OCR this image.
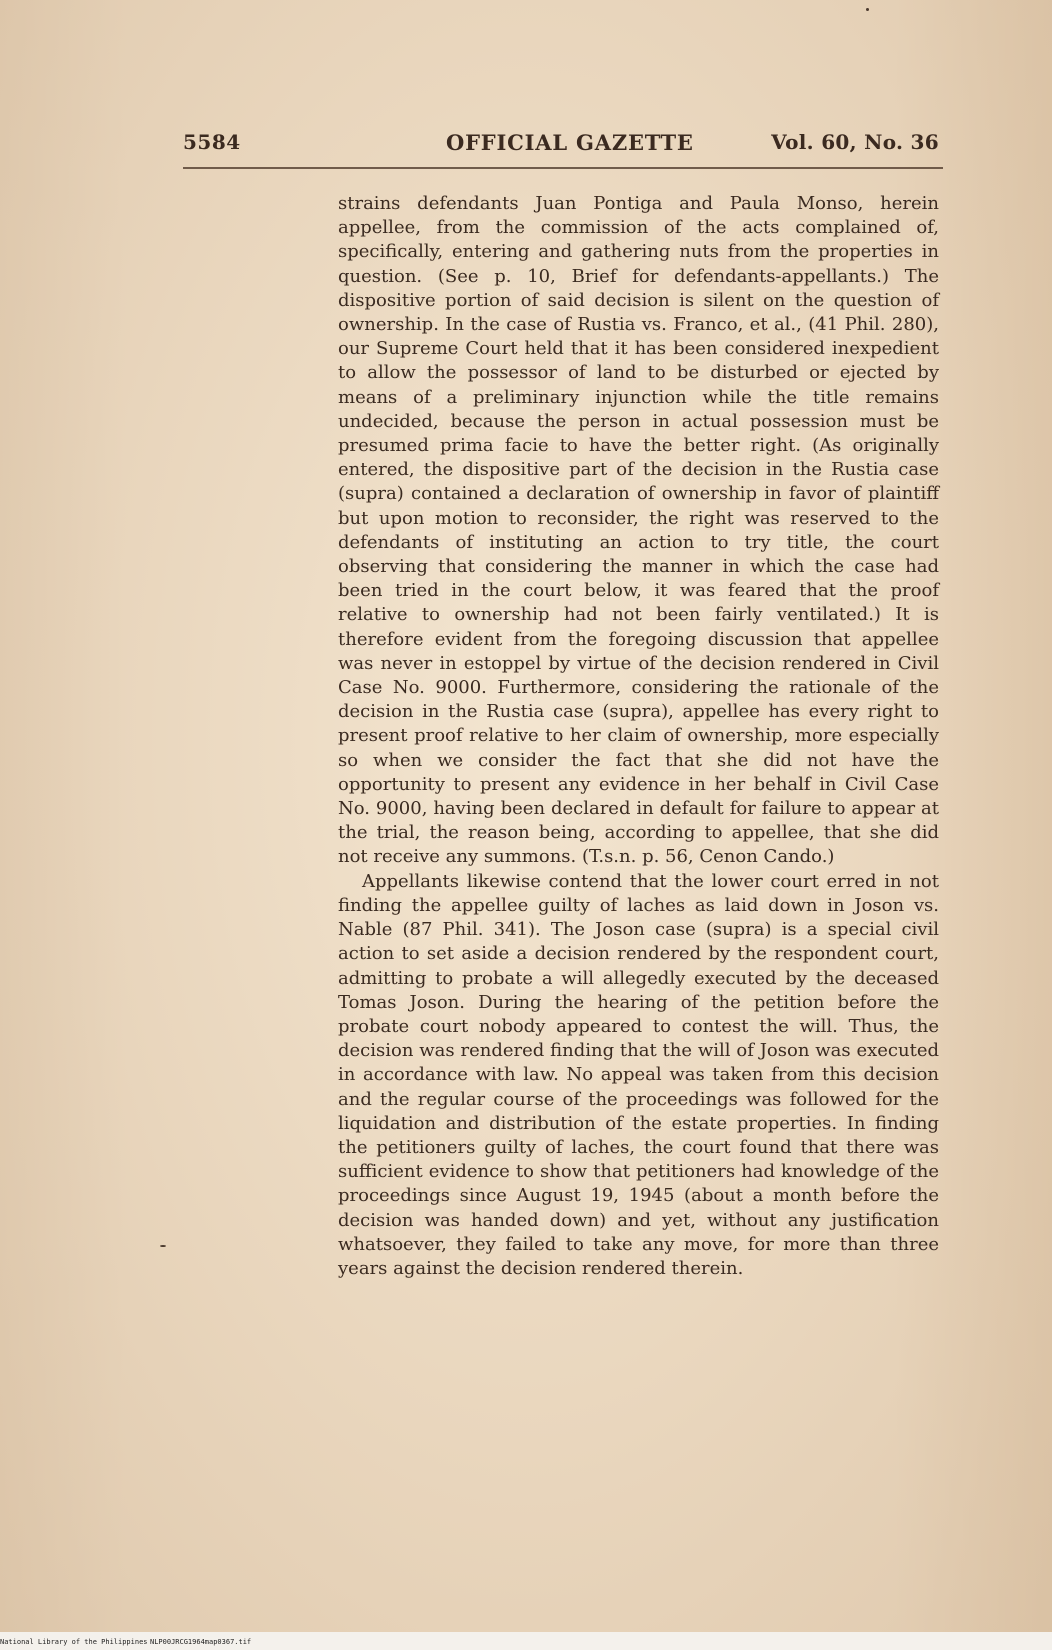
5584	OFFICIAL GAZETTE	Vol. 60, No. 36

strains defendants Juan Pontiga and Paula Monso, herein appellee, from the commission of the acts complained of, specifically, entering and gathering nuts from the properties in question. (See p. 10, Brief for defendants-appellants.) The dispositive portion of said decision is silent on the question of ownership. In the case of Rustia vs. Franco, et al., (41 Phil. 280), our Supreme Court held that it has been considered inexpedient to allow the possessor of land to be disturbed or ejected by means of a preliminary injunction while the title remains undecided, because the person in actual possession must be presumed prima facie to have the better right. (As originally entered, the dispositive part of the decision in the Rustia case (supra) contained a declaration of ownership in favor of plaintiff but upon motion to reconsider, the right was reserved to the defendants of instituting an action to try title, the court observing that considering the manner in which the case had been tried in the court below, it was feared that the proof relative to ownership had not been fairly ventilated.) It is therefore evident from the foregoing discussion that appellee was never in estoppel by virtue of the decision rendered in Civil Case No. 9000. Furthermore, considering the rationale of the decision in the Rustia case (supra), appellee has every right to present proof relative to her claim of ownership, more especially so when we consider the fact that she did not have the opportunity to present any evidence in her behalf in Civil Case No. 9000, having been declared in default for failure to appear at the trial, the reason being, according to appellee, that she did not receive any summons. (T.s.n. p. 56, Cenon Cando.)

Appellants likewise contend that the lower court erred in not finding the appellee guilty of laches as laid down in Joson vs. Nable (87 Phil. 341). The Joson case (supra) is a special civil action to set aside a decision rendered by the respondent court, admitting to probate a will allegedly executed by the deceased Tomas Joson. During the hearing of the petition before the probate court nobody appeared to contest the will. Thus, the decision was rendered finding that the will of Joson was executed in accordance with law. No appeal was taken from this decision and the regular course of the proceedings was followed for the liquidation and distribution of the estate properties. In finding the petitioners guilty of laches, the court found that there was sufficient evidence to show that petitioners had knowledge of the proceedings since August 19, 1945 (about a month before the decision was handed down) and yet, without any justification whatsoever, they failed to take any move, for more than three years against the decision rendered therein.

National Library of the Philippines NLP00JRCG1964map0367.tif
